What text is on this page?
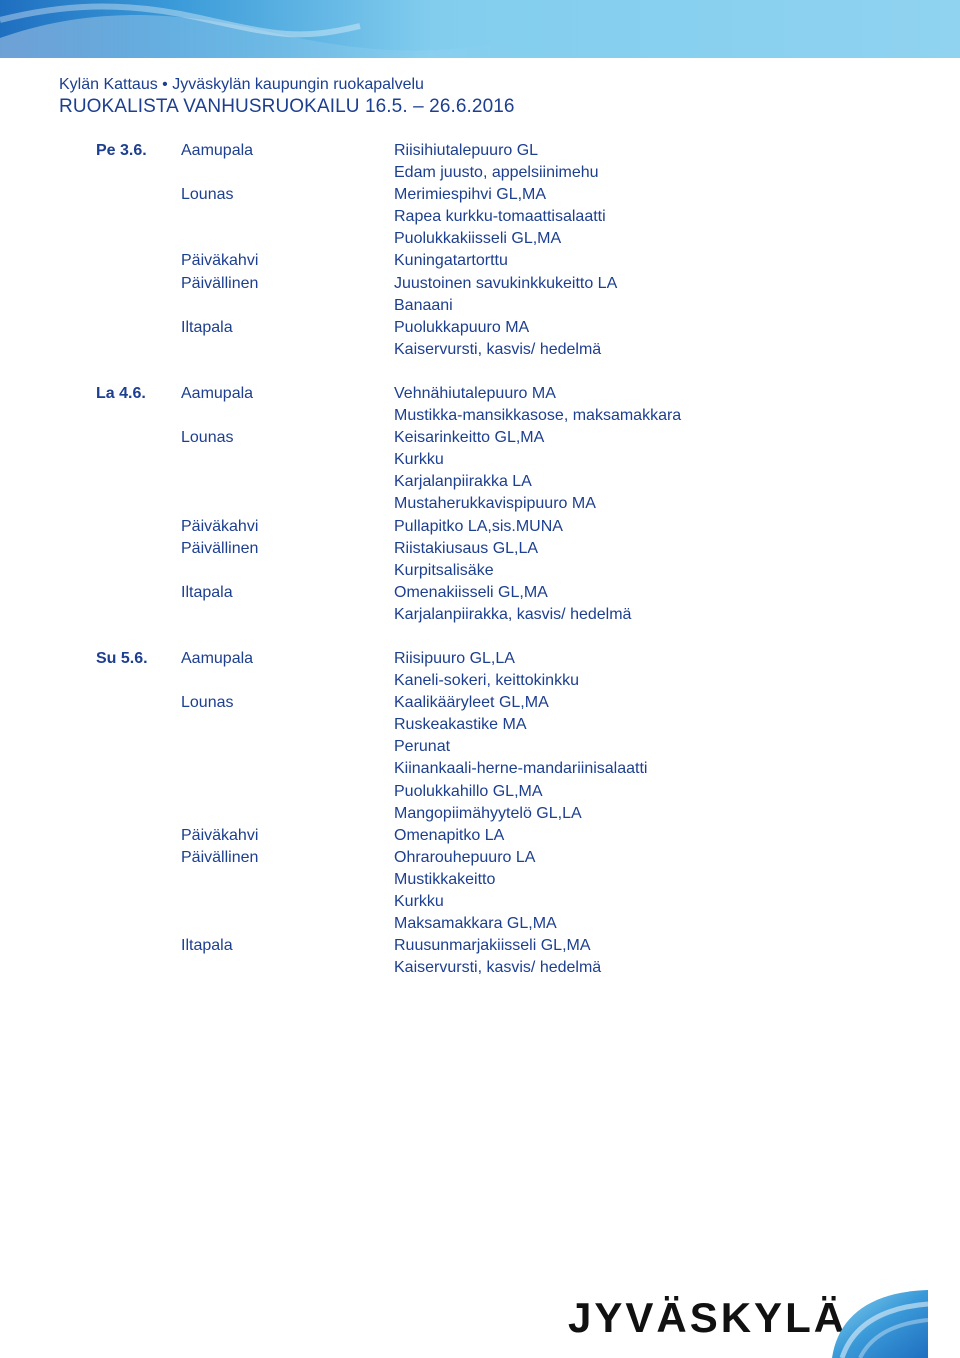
Kylän Kattaus • Jyväskylän kaupungin ruokapalvelu
RUOKALISTA VANHUSRUOKAILU 16.5. – 26.6.2016
Pe 3.6. Aamupala	Riisihiutalepuuro GL
Edam juusto, appelsiinimehu
Lounas	Merimiespihvi GL,MA
Rapea kurkku-tomaattisalaatti
Puolukkakiisseli GL,MA
Päiväkahvi	Kuningatartorttu
Päivällinen	Juustoinen savukinkkukeitto LA
Banaani
Iltapala	Puolukkapuuro MA
Kaiservursti, kasvis/ hedelmä
La 4.6. Aamupala	Vehnähiutalepuuro MA
Mustikka-mansikkasose, maksamakkara
Lounas	Keisarinkeitto GL,MA
Kurkku
Karjalanpiirakka LA
Mustaherukkavispipuuro MA
Päiväkahvi	Pullapitko LA,sis.MUNA
Päivällinen	Riistakiusaus GL,LA
Kurpitsalisäke
Iltapala	Omenakiisseli GL,MA
Karjalanpiirakka, kasvis/ hedelmä
Su 5.6. Aamupala	Riisipuuro GL,LA
Kaneli-sokeri, keittokinkku
Lounas	Kaalikääryleet GL,MA
Ruskeakastike MA
Perunat
Kiinankaali-herne-mandariinisalaatti
Puolukkahillo GL,MA
Mangopiimähyytelö GL,LA
Päiväkahvi	Omenapitko LA
Päivällinen	Ohrarouhepuuro LA
Mustikkakeitto
Kurkku
Maksamakkara GL,MA
Iltapala	Ruusunmarjakiisseli GL,MA
Kaiservursti, kasvis/ hedelmä
JYVÄSKYLÄ
